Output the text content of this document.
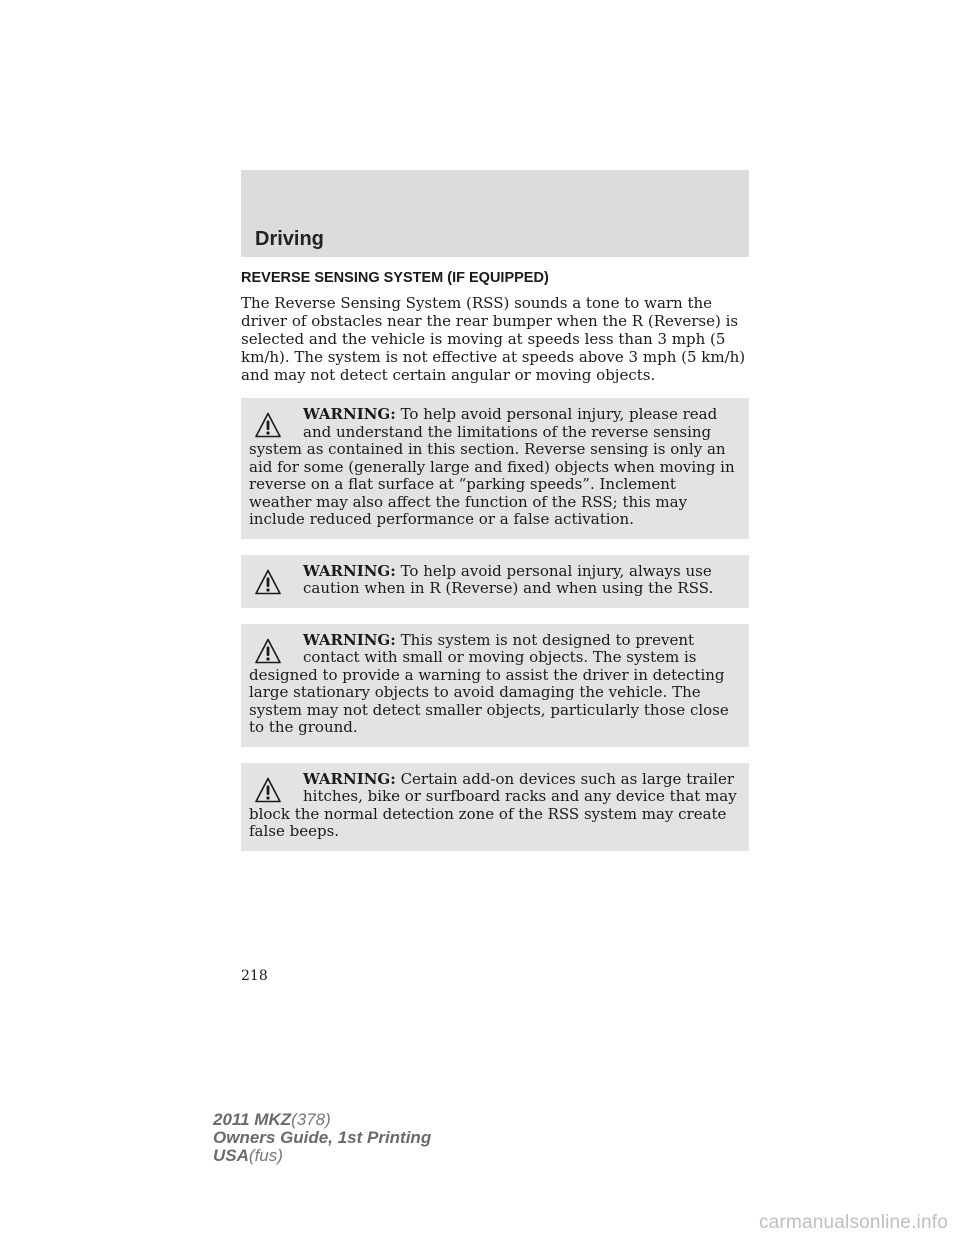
Driving
REVERSE SENSING SYSTEM (IF EQUIPPED)

The Reverse Sensing System (RSS) sounds a tone to warn the driver of obstacles near the rear bumper when the R (Reverse) is selected and the vehicle is moving at speeds less than 3 mph (5 km/h). The system is not effective at speeds above 3 mph (5 km/h) and may not detect certain angular or moving objects.

WARNING: To help avoid personal injury, please read and understand the limitations of the reverse sensing system as contained in this section. Reverse sensing is only an aid for some (generally large and fixed) objects when moving in reverse on a flat surface at “parking speeds”. Inclement weather may also affect the function of the RSS; this may include reduced performance or a false activation.
WARNING: To help avoid personal injury, always use caution when in R (Reverse) and when using the RSS.
WARNING: This system is not designed to prevent contact with small or moving objects. The system is designed to provide a warning to assist the driver in detecting large stationary objects to avoid damaging the vehicle. The system may not detect smaller objects, particularly those close to the ground.
WARNING: Certain add-on devices such as large trailer hitches, bike or surfboard racks and any device that may block the normal detection zone of the RSS system may create false beeps.
218
2011 MKZ(378)
Owners Guide, 1st Printing
USA(fus)
carmanualsonline.info
